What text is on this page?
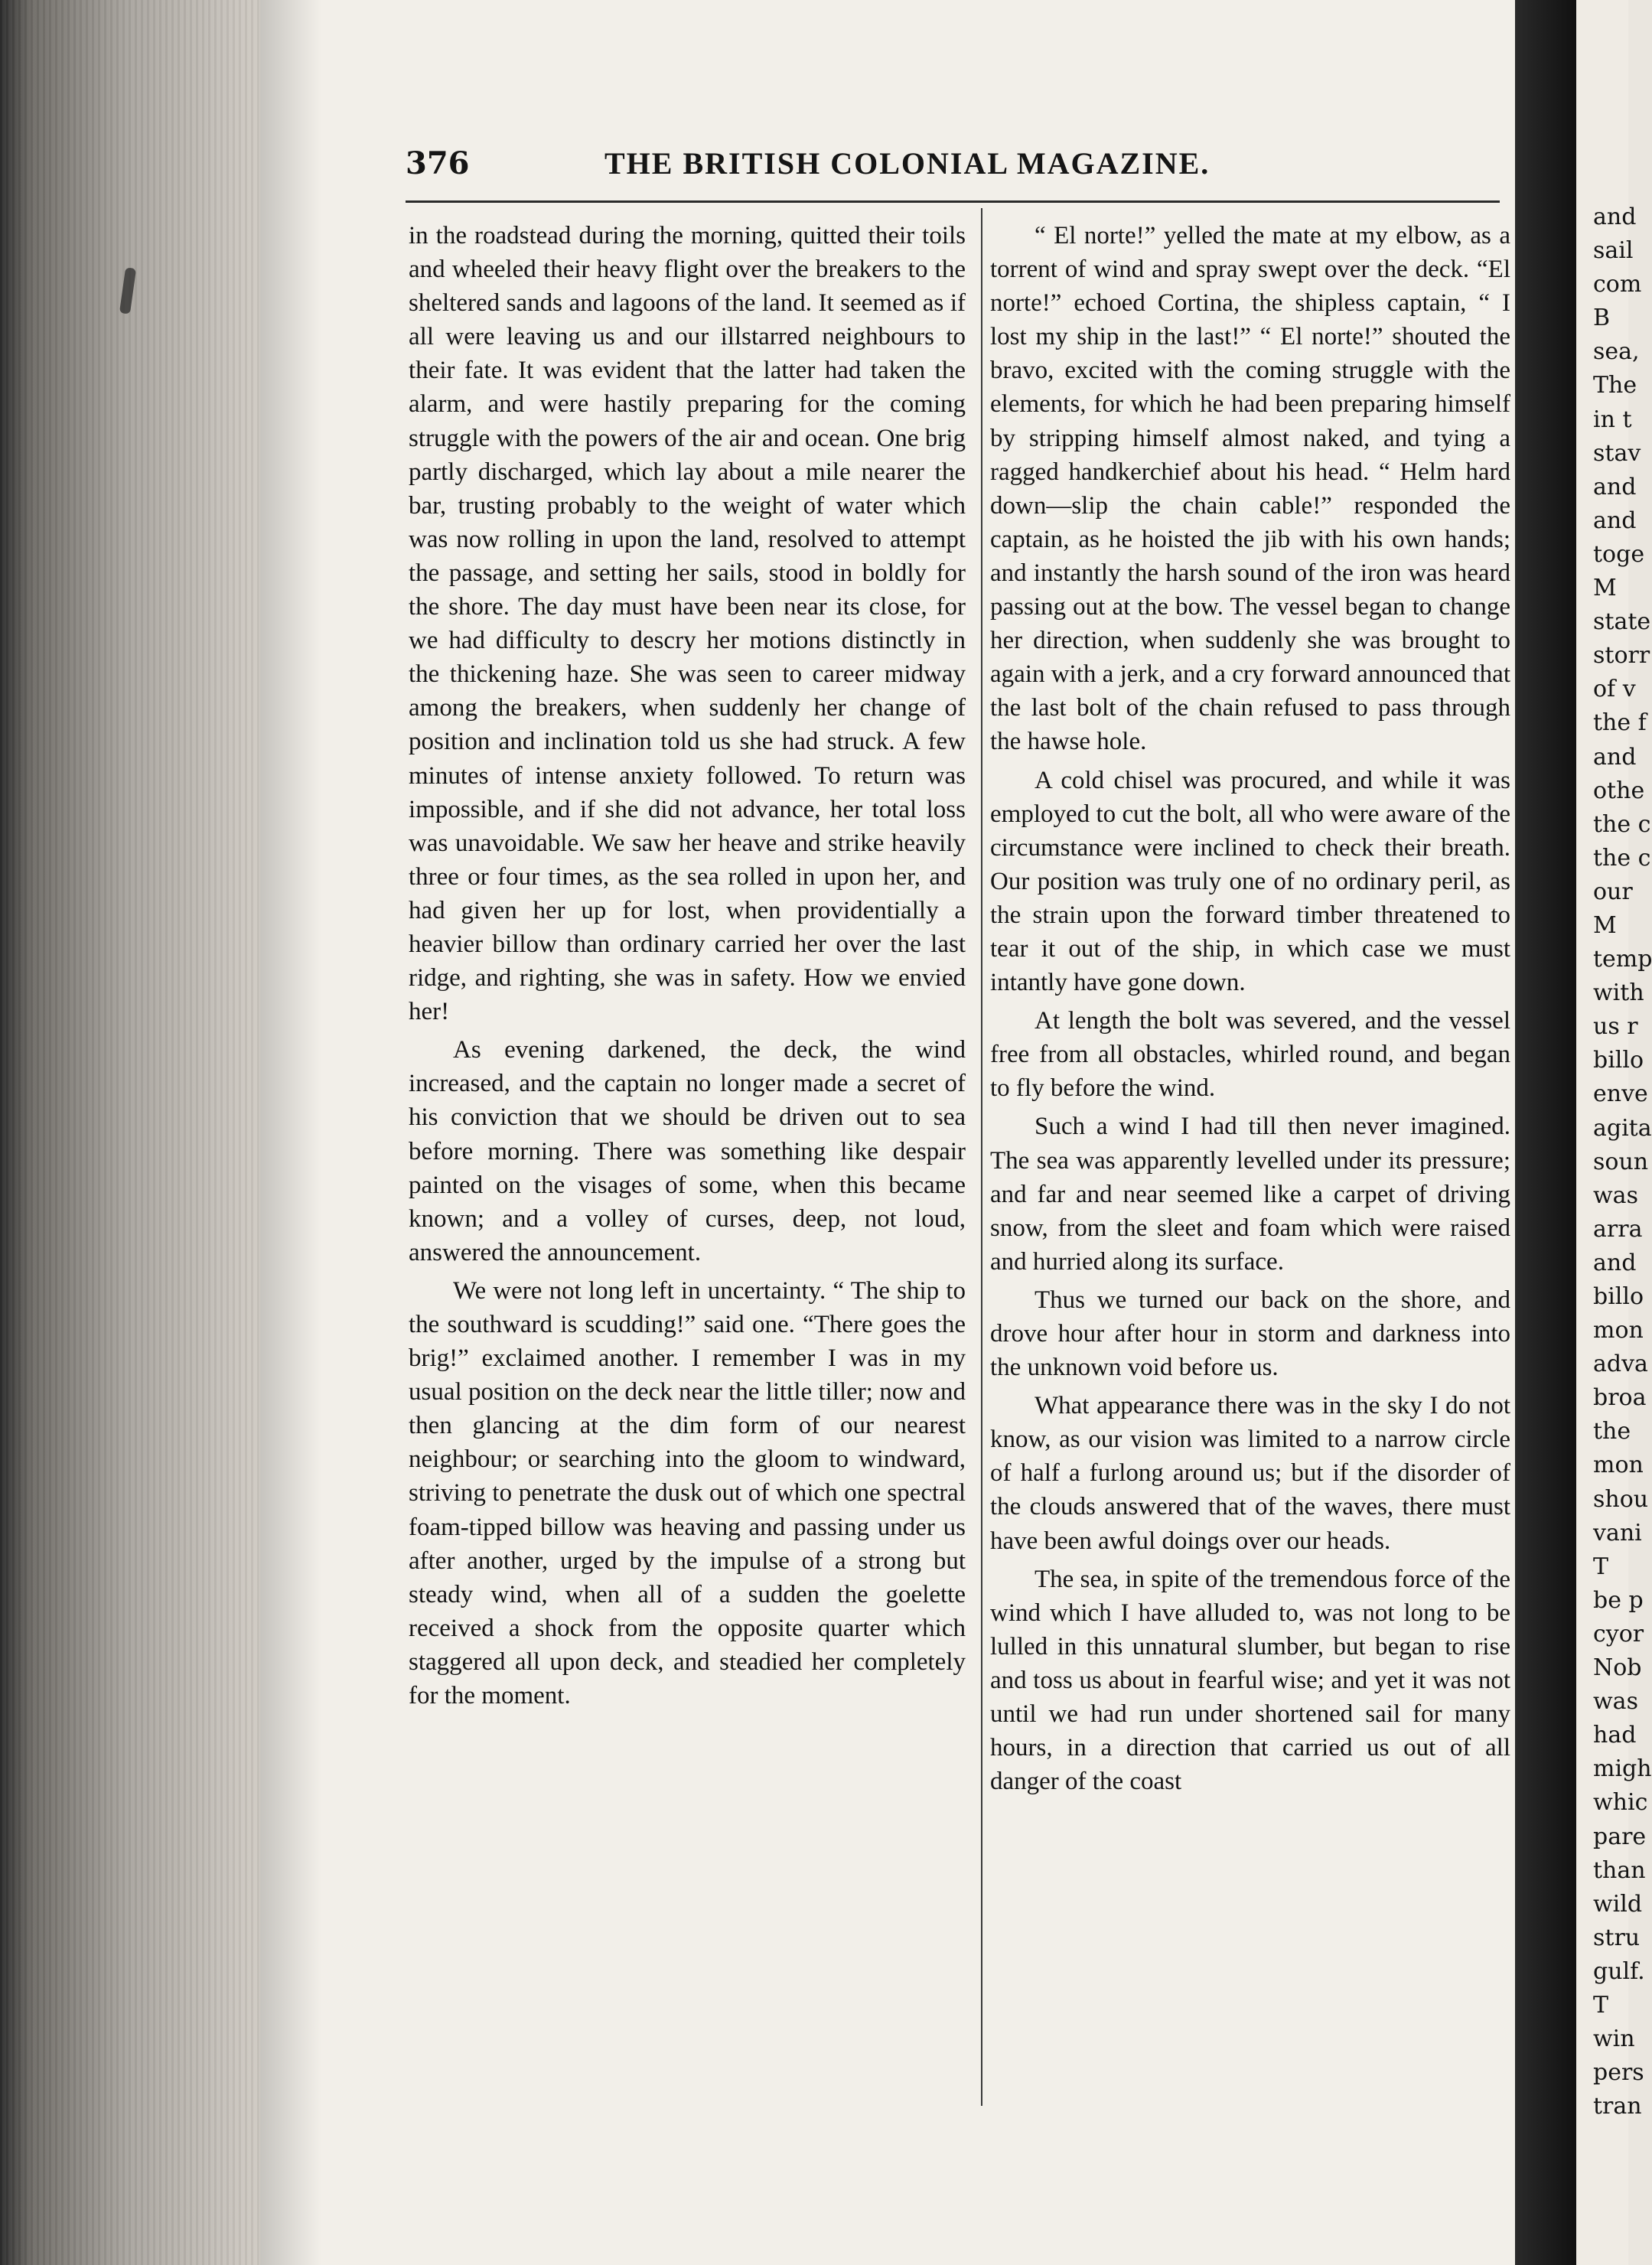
and
sail
com
B
sea,
The
in t
stav
and
and
toge
M
state
storr
of v
the f
and
othe
the c
the c
our
M
temp
with
us r
billo
enve
agita
soun
was
arra
and
billo
mon
adva
broa
the
mon
shou
vani
T
be p
cyor
Nob
was
had
migh
whic
pare
than
wild
stru
gulf.
T
win
pers
tran
376	THE BRITISH COLONIAL MAGAZINE.

in the roadstead during the morning, quitted their toils and wheeled their heavy flight over the breakers to the sheltered sands and lagoons of the land. It seemed as if all were leaving us and our illstarred neighbours to their fate. It was evident that the latter had taken the alarm, and were hastily preparing for the coming struggle with the powers of the air and ocean. One brig partly discharged, which lay about a mile nearer the bar, trusting probably to the weight of water which was now rolling in upon the land, resolved to attempt the passage, and setting her sails, stood in boldly for the shore. The day must have been near its close, for we had difficulty to descry her motions distinctly in the thickening haze. She was seen to career midway among the breakers, when suddenly her change of position and inclination told us she had struck. A few minutes of intense anxiety followed. To return was impossible, and if she did not advance, her total loss was unavoidable. We saw her heave and strike heavily three or four times, as the sea rolled in upon her, and had given her up for lost, when providentially a heavier billow than ordinary carried her over the last ridge, and righting, she was in safety. How we envied her!

As evening darkened, the deck, the wind increased, and the captain no longer made a secret of his conviction that we should be driven out to sea before morning. There was something like despair painted on the visages of some, when this became known; and a volley of curses, deep, not loud, answered the announcement.

We were not long left in uncertainty. “ The ship to the southward is scudding!” said one. “There goes the brig!” exclaimed another. I remember I was in my usual position on the deck near the little tiller; now and then glancing at the dim form of our nearest neighbour; or searching into the gloom to windward, striving to penetrate the dusk out of which one spectral foam-tipped billow was heaving and passing under us after another, urged by the impulse of a strong but steady wind, when all of a sudden the goelette received a shock from the opposite quarter which staggered all upon deck, and steadied her completely for the moment.

“ El norte!” yelled the mate at my elbow, as a torrent of wind and spray swept over the deck. “El norte!” echoed Cortina, the shipless captain, “ I lost my ship in the last!” “ El norte!” shouted the bravo, excited with the coming struggle with the elements, for which he had been preparing himself by stripping himself almost naked, and tying a ragged handkerchief about his head. “ Helm hard down—slip the chain cable!” responded the captain, as he hoisted the jib with his own hands; and instantly the harsh sound of the iron was heard passing out at the bow. The vessel began to change her direction, when suddenly she was brought to again with a jerk, and a cry forward announced that the last bolt of the chain refused to pass through the hawse hole.

A cold chisel was procured, and while it was employed to cut the bolt, all who were aware of the circumstance were inclined to check their breath. Our position was truly one of no ordinary peril, as the strain upon the forward timber threatened to tear it out of the ship, in which case we must intantly have gone down.

At length the bolt was severed, and the vessel free from all obstacles, whirled round, and began to fly before the wind.

Such a wind I had till then never imagined. The sea was apparently levelled under its pressure; and far and near seemed like a carpet of driving snow, from the sleet and foam which were raised and hurried along its surface.

Thus we turned our back on the shore, and drove hour after hour in storm and darkness into the unknown void before us.

What appearance there was in the sky I do not know, as our vision was limited to a narrow circle of half a furlong around us; but if the disorder of the clouds answered that of the waves, there must have been awful doings over our heads.

The sea, in spite of the tremendous force of the wind which I have alluded to, was not long to be lulled in this unnatural slumber, but began to rise and toss us about in fearful wise; and yet it was not until we had run under shortened sail for many hours, in a direction that carried us out of all danger of the coast
